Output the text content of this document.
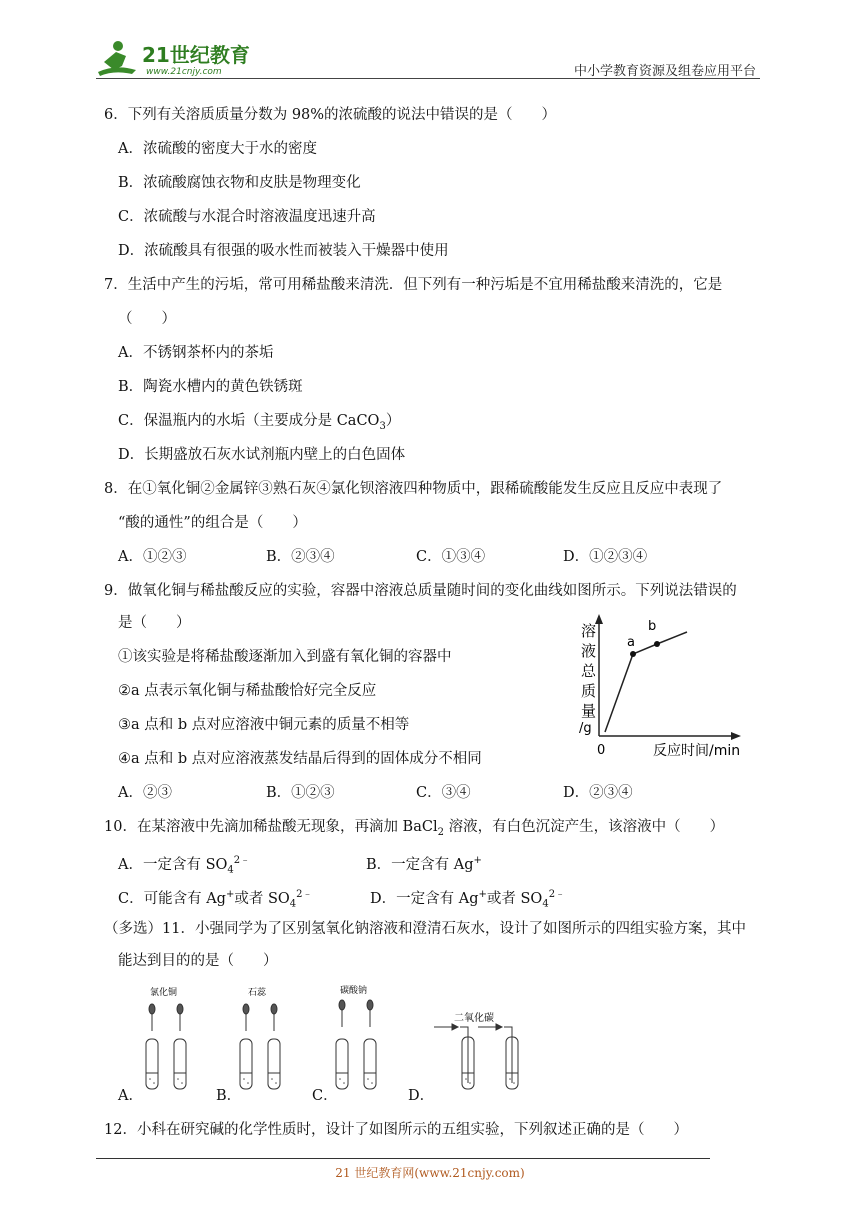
21世纪教育
www.21cnjy.com	中小学教育资源及组卷应用平台
6．下列有关溶质质量分数为 98%的浓硫酸的说法中错误的是（　　）
A．浓硫酸的密度大于水的密度
B．浓硫酸腐蚀衣物和皮肤是物理变化
C．浓硫酸与水混合时溶液温度迅速升高
D．浓硫酸具有很强的吸水性而被装入干燥器中使用
7．生活中产生的污垢，常可用稀盐酸来清洗．但下列有一种污垢是不宜用稀盐酸来清洗的，它是
（　　）
A．不锈钢茶杯内的茶垢
B．陶瓷水槽内的黄色铁锈斑
C．保温瓶内的水垢（主要成分是 CaCO$_3$）
D．长期盛放石灰水试剂瓶内壁上的白色固体
8．在①氧化铜②金属锌③熟石灰④氯化钡溶液四种物质中，跟稀硫酸能发生反应且反应中表现了
“酸的通性”的组合是（　　）
A．①②③	B．②③④	C．①③④	D．①②③④
9．做氧化铜与稀盐酸反应的实验，容器中溶液总质量随时间的变化曲线如图所示。下列说法错误的
是（　　）
①该实验是将稀盐酸逐渐加入到盛有氧化铜的容器中
②a 点表示氧化铜与稀盐酸恰好完全反应
③a 点和 b 点对应溶液中铜元素的质量不相等
④a 点和 b 点对应溶液蒸发结晶后得到的固体成分不相同
A．②③	B．①②③	C．③④	D．②③④
溶
液
总
质
量
/g
0	反应时间/min
a
b
10．在某溶液中先滴加稀盐酸无现象，再滴加 BaCl$_2$ 溶液，有白色沉淀产生，该溶液中（　　）
A．一定含有 $SO_4^{2﹣}$	B．一定含有 Ag+
C．可能含有 Ag+或者 $SO_4^{2﹣}$	D．一定含有 Ag+或者 $SO_4^{2﹣}$
（多选）11．小强同学为了区别氢氧化钠溶液和澄清石灰水，设计了如图所示的四组实验方案，其中
能达到目的的是（　　）
A．	B．	C．	D．
氯化铜	石蕊	碳酸钠
二氧化碳
12．小科在研究碱的化学性质时，设计了如图所示的五组实验，下列叙述正确的是（　　）
21 世纪教育网(www.21cnjy.com)
